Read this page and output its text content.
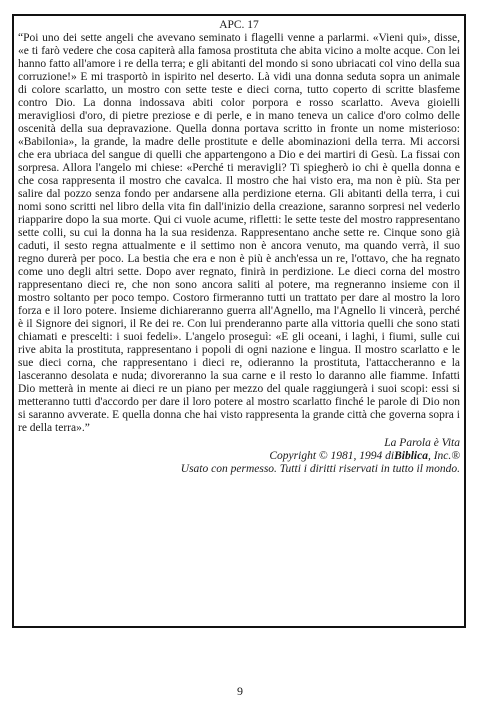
APC. 17

“Poi uno dei sette angeli che avevano seminato i flagelli venne a parlarmi. «Vieni qui», disse, «e ti farò vedere che cosa capiterà alla famosa prostituta che abita vicino a molte acque. Con lei hanno fatto all'amore i re della terra; e gli abitanti del mondo si sono ubriacati col vino della sua corruzione!» E mi trasportò in ispirito nel deserto. Là vidi una donna seduta sopra un animale di colore scarlatto, un mostro con sette teste e dieci corna, tutto coperto di scritte blasfeme contro Dio. La donna indossava abiti color porpora e rosso scarlatto. Aveva gioielli meravigliosi d'oro, di pietre preziose e di perle, e in mano teneva un calice d'oro colmo delle oscenità della sua depravazione. Quella donna portava scritto in fronte un nome misterioso: «Babilonia», la grande, la madre delle prostitute e delle abominazioni della terra. Mi accorsi che era ubriaca del sangue di quelli che appartengono a Dio e dei martiri di Gesù. La fissai con sorpresa. Allora l'angelo mi chiese: «Perché ti meravigli? Ti spiegherò io chi è quella donna e che cosa rappresenta il mostro che cavalca. Il mostro che hai visto era, ma non è più. Sta per salire dal pozzo senza fondo per andarsene alla perdizione eterna. Gli abitanti della terra, i cui nomi sono scritti nel libro della vita fin dall'inizio della creazione, saranno sorpresi nel vederlo riapparire dopo la sua morte. Qui ci vuole acume, rifletti: le sette teste del mostro rappresentano sette colli, su cui la donna ha la sua residenza. Rappresentano anche sette re. Cinque sono già caduti, il sesto regna attualmente e il settimo non è ancora venuto, ma quando verrà, il suo regno durerà per poco. La bestia che era e non è più è anch'essa un re, l'ottavo, che ha regnato come uno degli altri sette. Dopo aver regnato, finirà in perdizione. Le dieci corna del mostro rappresentano dieci re, che non sono ancora saliti al potere, ma regneranno insieme con il mostro soltanto per poco tempo. Costoro firmeranno tutti un trattato per dare al mostro la loro forza e il loro potere. Insieme dichiareranno guerra all'Agnello, ma l'Agnello li vincerà, perché è il Signore dei signori, il Re dei re. Con lui prenderanno parte alla vittoria quelli che sono stati chiamati e prescelti: i suoi fedeli». L'angelo proseguì: «E gli oceani, i laghi, i fiumi, sulle cui rive abita la prostituta, rappresentano i popoli di ogni nazione e lingua. Il mostro scarlatto e le sue dieci corna, che rappresentano i dieci re, odieranno la prostituta, l'attaccheranno e la lasceranno desolata e nuda; divoreranno la sua carne e il resto lo daranno alle fiamme. Infatti Dio metterà in mente ai dieci re un piano per mezzo del quale raggiungerà i suoi scopi: essi si metteranno tutti d'accordo per dare il loro potere al mostro scarlatto finché le parole di Dio non si saranno avverate. E quella donna che hai visto rappresenta la grande città che governa sopra i re della terra».”

La Parola è Vita
Copyright © 1981, 1994 diBiblica, Inc.®
Usato con permesso. Tutti i diritti riservati in tutto il mondo.
9
